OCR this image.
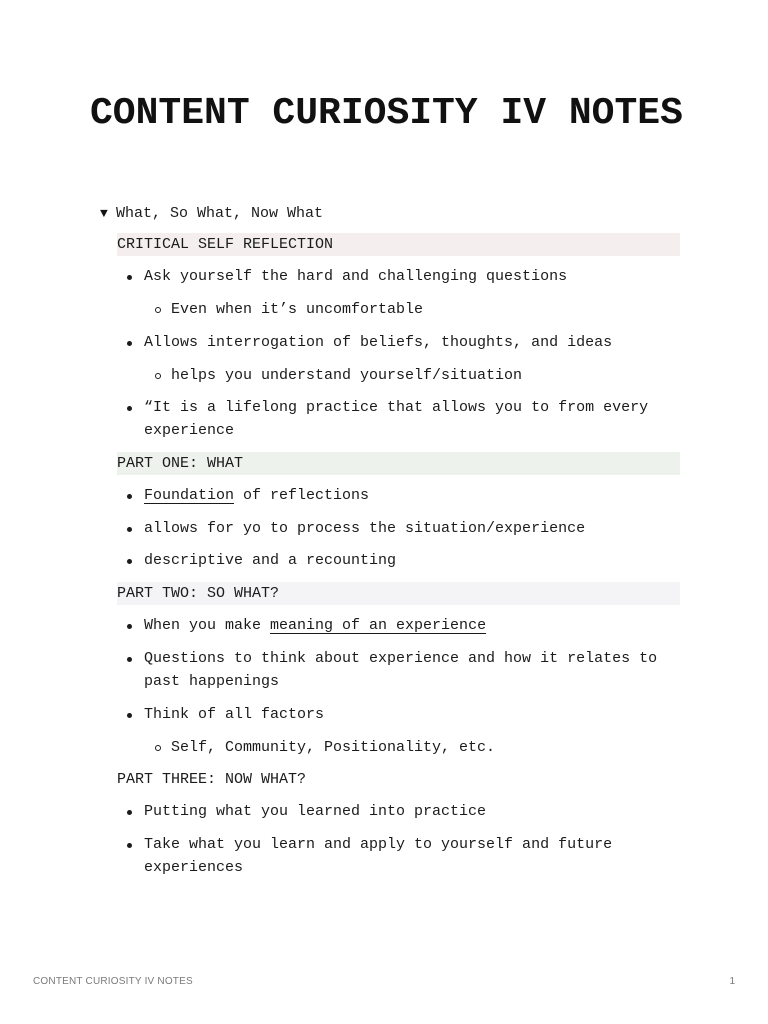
CONTENT CURIOSITY IV NOTES
▼ What, So What, Now What
CRITICAL SELF REFLECTION
Ask yourself the hard and challenging questions
Even when it’s uncomfortable
Allows interrogation of beliefs, thoughts, and ideas
helps you understand yourself/situation
“It is a lifelong practice that allows you to from every experience
PART ONE: WHAT
Foundation of reflections
allows for yo to process the situation/experience
descriptive and a recounting
PART TWO: SO WHAT?
When you make meaning of an experience
Questions to think about experience and how it relates to past happenings
Think of all factors
Self, Community, Positionality, etc.
PART THREE: NOW WHAT?
Putting what you learned into practice
Take what you learn and apply to yourself and future experiences
CONTENT CURIOSITY IV NOTES	1
